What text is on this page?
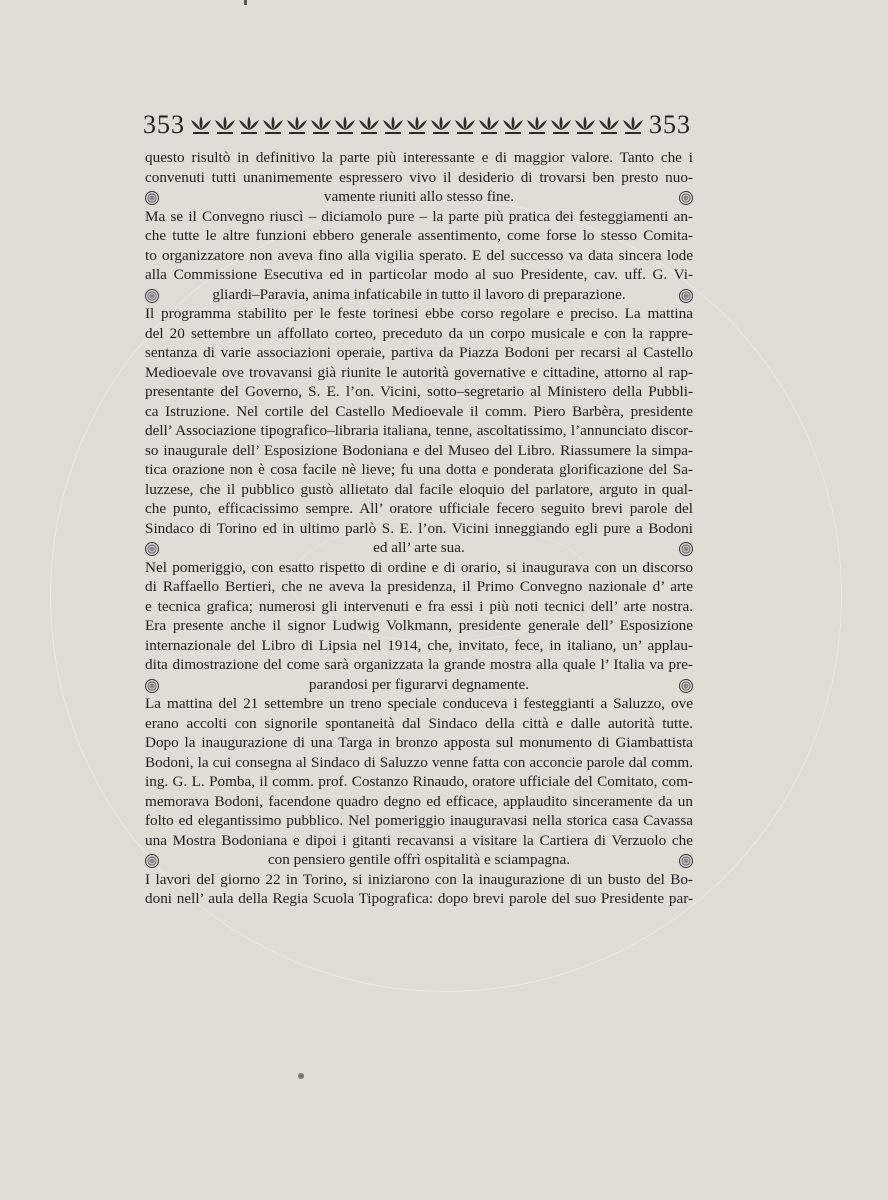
353	353
questo risultò in definitivo la parte più interessante e di maggior valore. Tanto che i
convenuti tutti unanimemente espressero vivo il desiderio di trovarsi ben presto nuo-
vamente riuniti allo stesso fine.
Ma se il Convegno riuscì – diciamolo pure – la parte più pratica dei festeggiamenti an-
che tutte le altre funzioni ebbero generale assentimento, come forse lo stesso Comita-
to organizzatore non aveva fino alla vigilia sperato. E del successo va data sincera lode
alla Commissione Esecutiva ed in particolar modo al suo Presidente, cav. uff. G. Vi-
gliardi–Paravia, anima infaticabile in tutto il lavoro di preparazione.
Il programma stabilito per le feste torinesi ebbe corso regolare e preciso. La mattina
del 20 settembre un affollato corteo, preceduto da un corpo musicale e con la rappre-
sentanza di varie associazioni operaie, partiva da Piazza Bodoni per recarsi al Castello
Medioevale ove trovavansi già riunite le autorità governative e cittadine, attorno al rap-
presentante del Governo, S. E. l’on. Vicini, sotto–segretario al Ministero della Pubbli-
ca Istruzione. Nel cortile del Castello Medioevale il comm. Piero Barbèra, presidente
dell’ Associazione tipografico–libraria italiana, tenne, ascoltatissimo, l’annunciato discor-
so inaugurale dell’ Esposizione Bodoniana e del Museo del Libro. Riassumere la simpa-
tica orazione non è cosa facile nè lieve; fu una dotta e ponderata glorificazione del Sa-
luzzese, che il pubblico gustò allietato dal facile eloquio del parlatore, arguto in qual-
che punto, efficacissimo sempre. All’ oratore ufficiale fecero seguito brevi parole del
Sindaco di Torino ed in ultimo parlò S. E. l’on. Vicini inneggiando egli pure a Bodoni
ed all’ arte sua.
Nel pomeriggio, con esatto rispetto di ordine e di orario, si inaugurava con un discorso
di Raffaello Bertieri, che ne aveva la presidenza, il Primo Convegno nazionale d’ arte
e tecnica grafica; numerosi gli intervenuti e fra essi i più noti tecnici dell’ arte nostra.
Era presente anche il signor Ludwig Volkmann, presidente generale dell’ Esposizione
internazionale del Libro di Lipsia nel 1914, che, invitato, fece, in italiano, un’ applau-
dita dimostrazione del come sarà organizzata la grande mostra alla quale l’ Italia va pre-
parandosi per figurarvi degnamente.
La mattina del 21 settembre un treno speciale conduceva i festeggianti a Saluzzo, ove
erano accolti con signorile spontaneità dal Sindaco della città e dalle autorità tutte.
Dopo la inaugurazione di una Targa in bronzo apposta sul monumento di Giambattista
Bodoni, la cui consegna al Sindaco di Saluzzo venne fatta con acconcie parole dal comm.
ing. G. L. Pomba, il comm. prof. Costanzo Rinaudo, oratore ufficiale del Comitato, com-
memorava Bodoni, facendone quadro degno ed efficace, applaudito sinceramente da un
folto ed elegantissimo pubblico. Nel pomeriggio inauguravasi nella storica casa Cavassa
una Mostra Bodoniana e dipoi i gitanti recavansi a visitare la Cartiera di Verzuolo che
con pensiero gentile offrì ospitalità e sciampagna.
I lavori del giorno 22 in Torino, si iniziarono con la inaugurazione di un busto del Bo-
doni nell’ aula della Regia Scuola Tipografica: dopo brevi parole del suo Presidente par-
